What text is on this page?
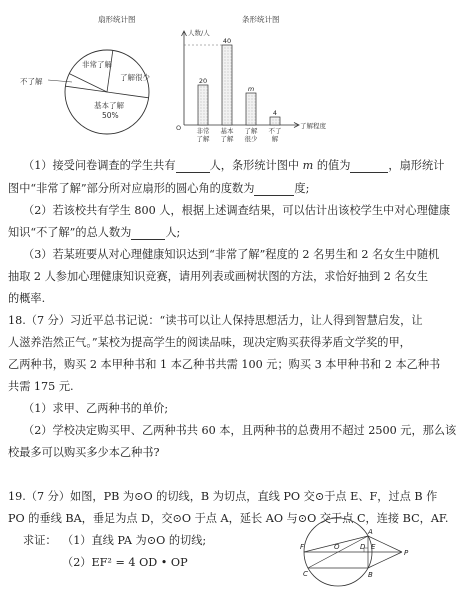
扇形统计图
非常了解
了解很少
不了解
基本了解
50%
条形统计图
O 非常
了解
基本
了解
了解
很少
不了
解
20
40
m
4
人数/人
了解程度
（1）接受问卷调查的学生共有	人，条形统计图中 m 的值为	，扇形统计
图中“非常了解”部分所对应扇形的圆心角的度数为	度;
（2）若该校共有学生 800 人，根据上述调查结果，可以估计出该校学生中对心理健康
知识“不了解”的总人数为	人;
（3）若某班要从对心理健康知识达到“非常了解”程度的 2 名男生和 2 名女生中随机
抽取 2 人参加心理健康知识竞赛，请用列表或画树状图的方法，求恰好抽到 2 名女生
的概率.
18.（7 分）习近平总书记说：“读书可以让人保持思想活力，让人得到智慧启发，让
人滋养浩然正气。”某校为提高学生的阅读品味，现决定购买获得茅盾文学奖的甲，
乙两种书，购买 2 本甲种书和 1 本乙种书共需 100 元；购买 3 本甲种书和 2 本乙种书
共需 175 元.
（1）求甲、乙两种书的单价;
（2）学校决定购买甲、乙两种书共 60 本，且两种书的总费用不超过 2500 元，那么该
校最多可以购买多少本乙种书?
19.（7 分）如图，PB 为⊙O 的切线，B 为切点，直线 PO 交⊙于点 E、F，过点 B 作
PO 的垂线 BA，垂足为点 D，交⊙O 于点 A，延长 AO 与⊙O 交于点 C，连接 BC，AF.
求证： （1）直线 PA 为⊙O 的切线;
（2）EF² = 4 OD • OP
A
B
C
D E
F	O
P
